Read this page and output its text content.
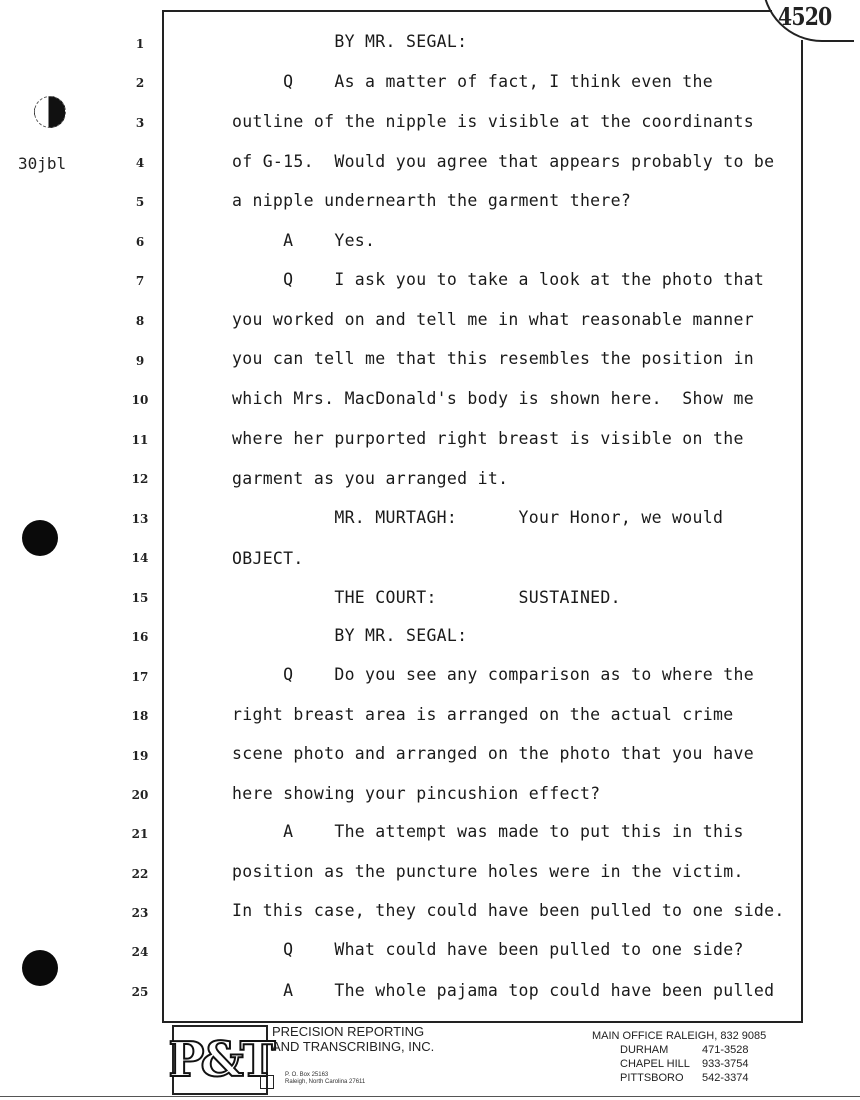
4520
30jbl
1
2
3
4
5
6
7
8
9
10
11
12
13
14
15
16
17
18
19
20
21
22
23
24
25
BY MR. SEGAL:
Q    As a matter of fact, I think even the
outline of the nipple is visible at the coordinants
of G-15.  Would you agree that appears probably to be
a nipple undernearth the garment there?
A    Yes.
Q    I ask you to take a look at the photo that
you worked on and tell me in what reasonable manner
you can tell me that this resembles the position in
which Mrs. MacDonald's body is shown here.  Show me
where her purported right breast is visible on the
garment as you arranged it.
MR. MURTAGH:      Your Honor, we would
OBJECT.
THE COURT:        SUSTAINED.
BY MR. SEGAL:
Q    Do you see any comparison as to where the
right breast area is arranged on the actual crime
scene photo and arranged on the photo that you have
here showing your pincushion effect?
A    The attempt was made to put this in this
position as the puncture holes were in the victim.
In this case, they could have been pulled to one side.
Q    What could have been pulled to one side?
A    The whole pajama top could have been pulled
P&T
PRECISION REPORTING
AND TRANSCRIBING, INC.
P. O. Box 25163
Raleigh, North Carolina 27611
MAIN OFFICE RALEIGH, 832 9085
DURHAM	471-3528
CHAPEL HILL 933-3754
PITTSBORO 542-3374
